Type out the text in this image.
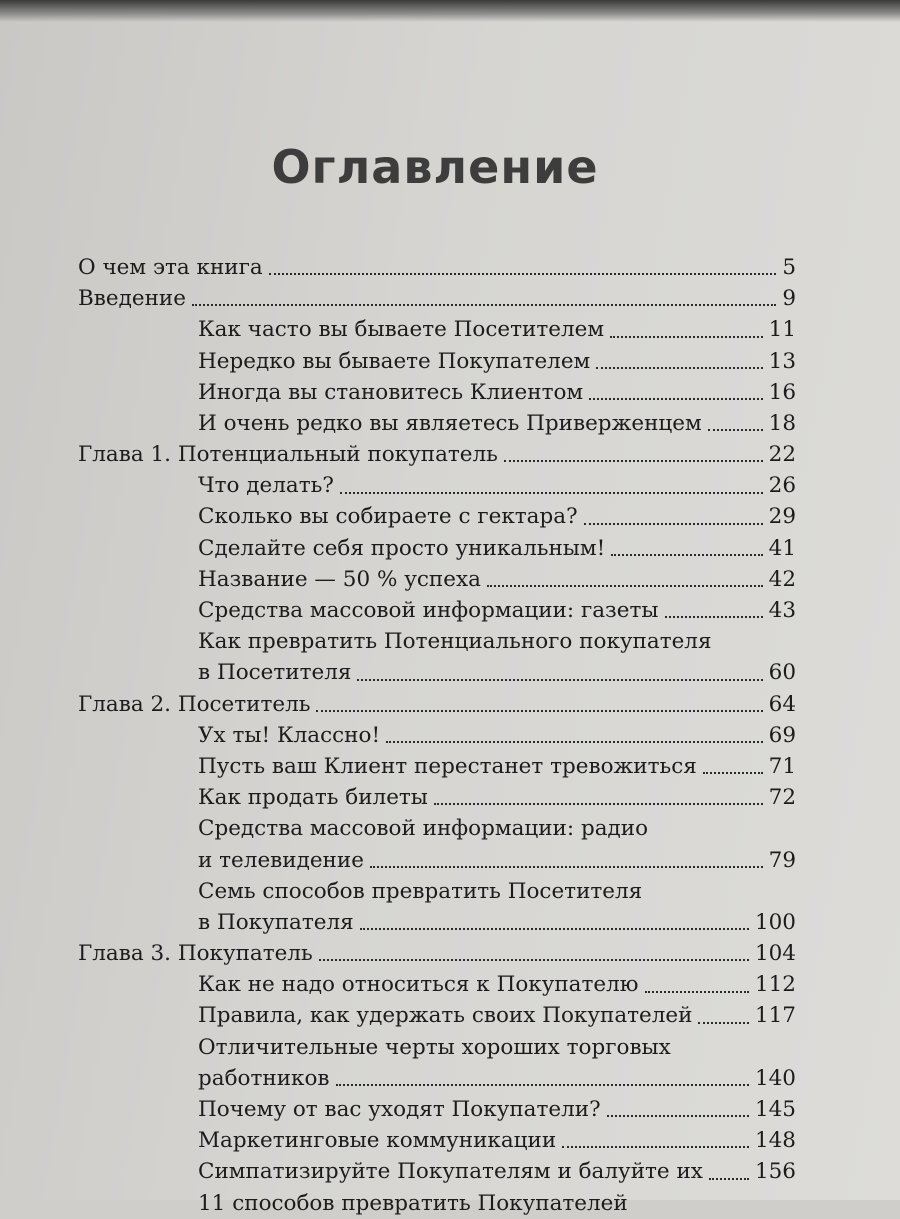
Оглавление
О чем эта книга	5
Введение	9
Как часто вы бываете Посетителем	11
Нередко вы бываете Покупателем	13
Иногда вы становитесь Клиентом	16
И очень редко вы являетесь Приверженцем	18
Глава 1. Потенциальный покупатель	22
Что делать?	26
Сколько вы собираете с гектара?	29
Сделайте себя просто уникальным!	41
Название — 50 % успеха	42
Средства массовой информации: газеты	43
Как превратить Потенциального покупателя
в Посетителя	60
Глава 2. Посетитель	64
Ух ты! Классно!	69
Пусть ваш Клиент перестанет тревожиться	71
Как продать билеты	72
Средства массовой информации: радио
и телевидение	79
Семь способов превратить Посетителя
в Покупателя	100
Глава 3. Покупатель	104
Как не надо относиться к Покупателю	112
Правила, как удержать своих Покупателей	117
Отличительные черты хороших торговых
работников	140
Почему от вас уходят Покупатели?	145
Маркетинговые коммуникации	148
Симпатизируйте Покупателям и балуйте их 156
11 способов превратить Покупателей
